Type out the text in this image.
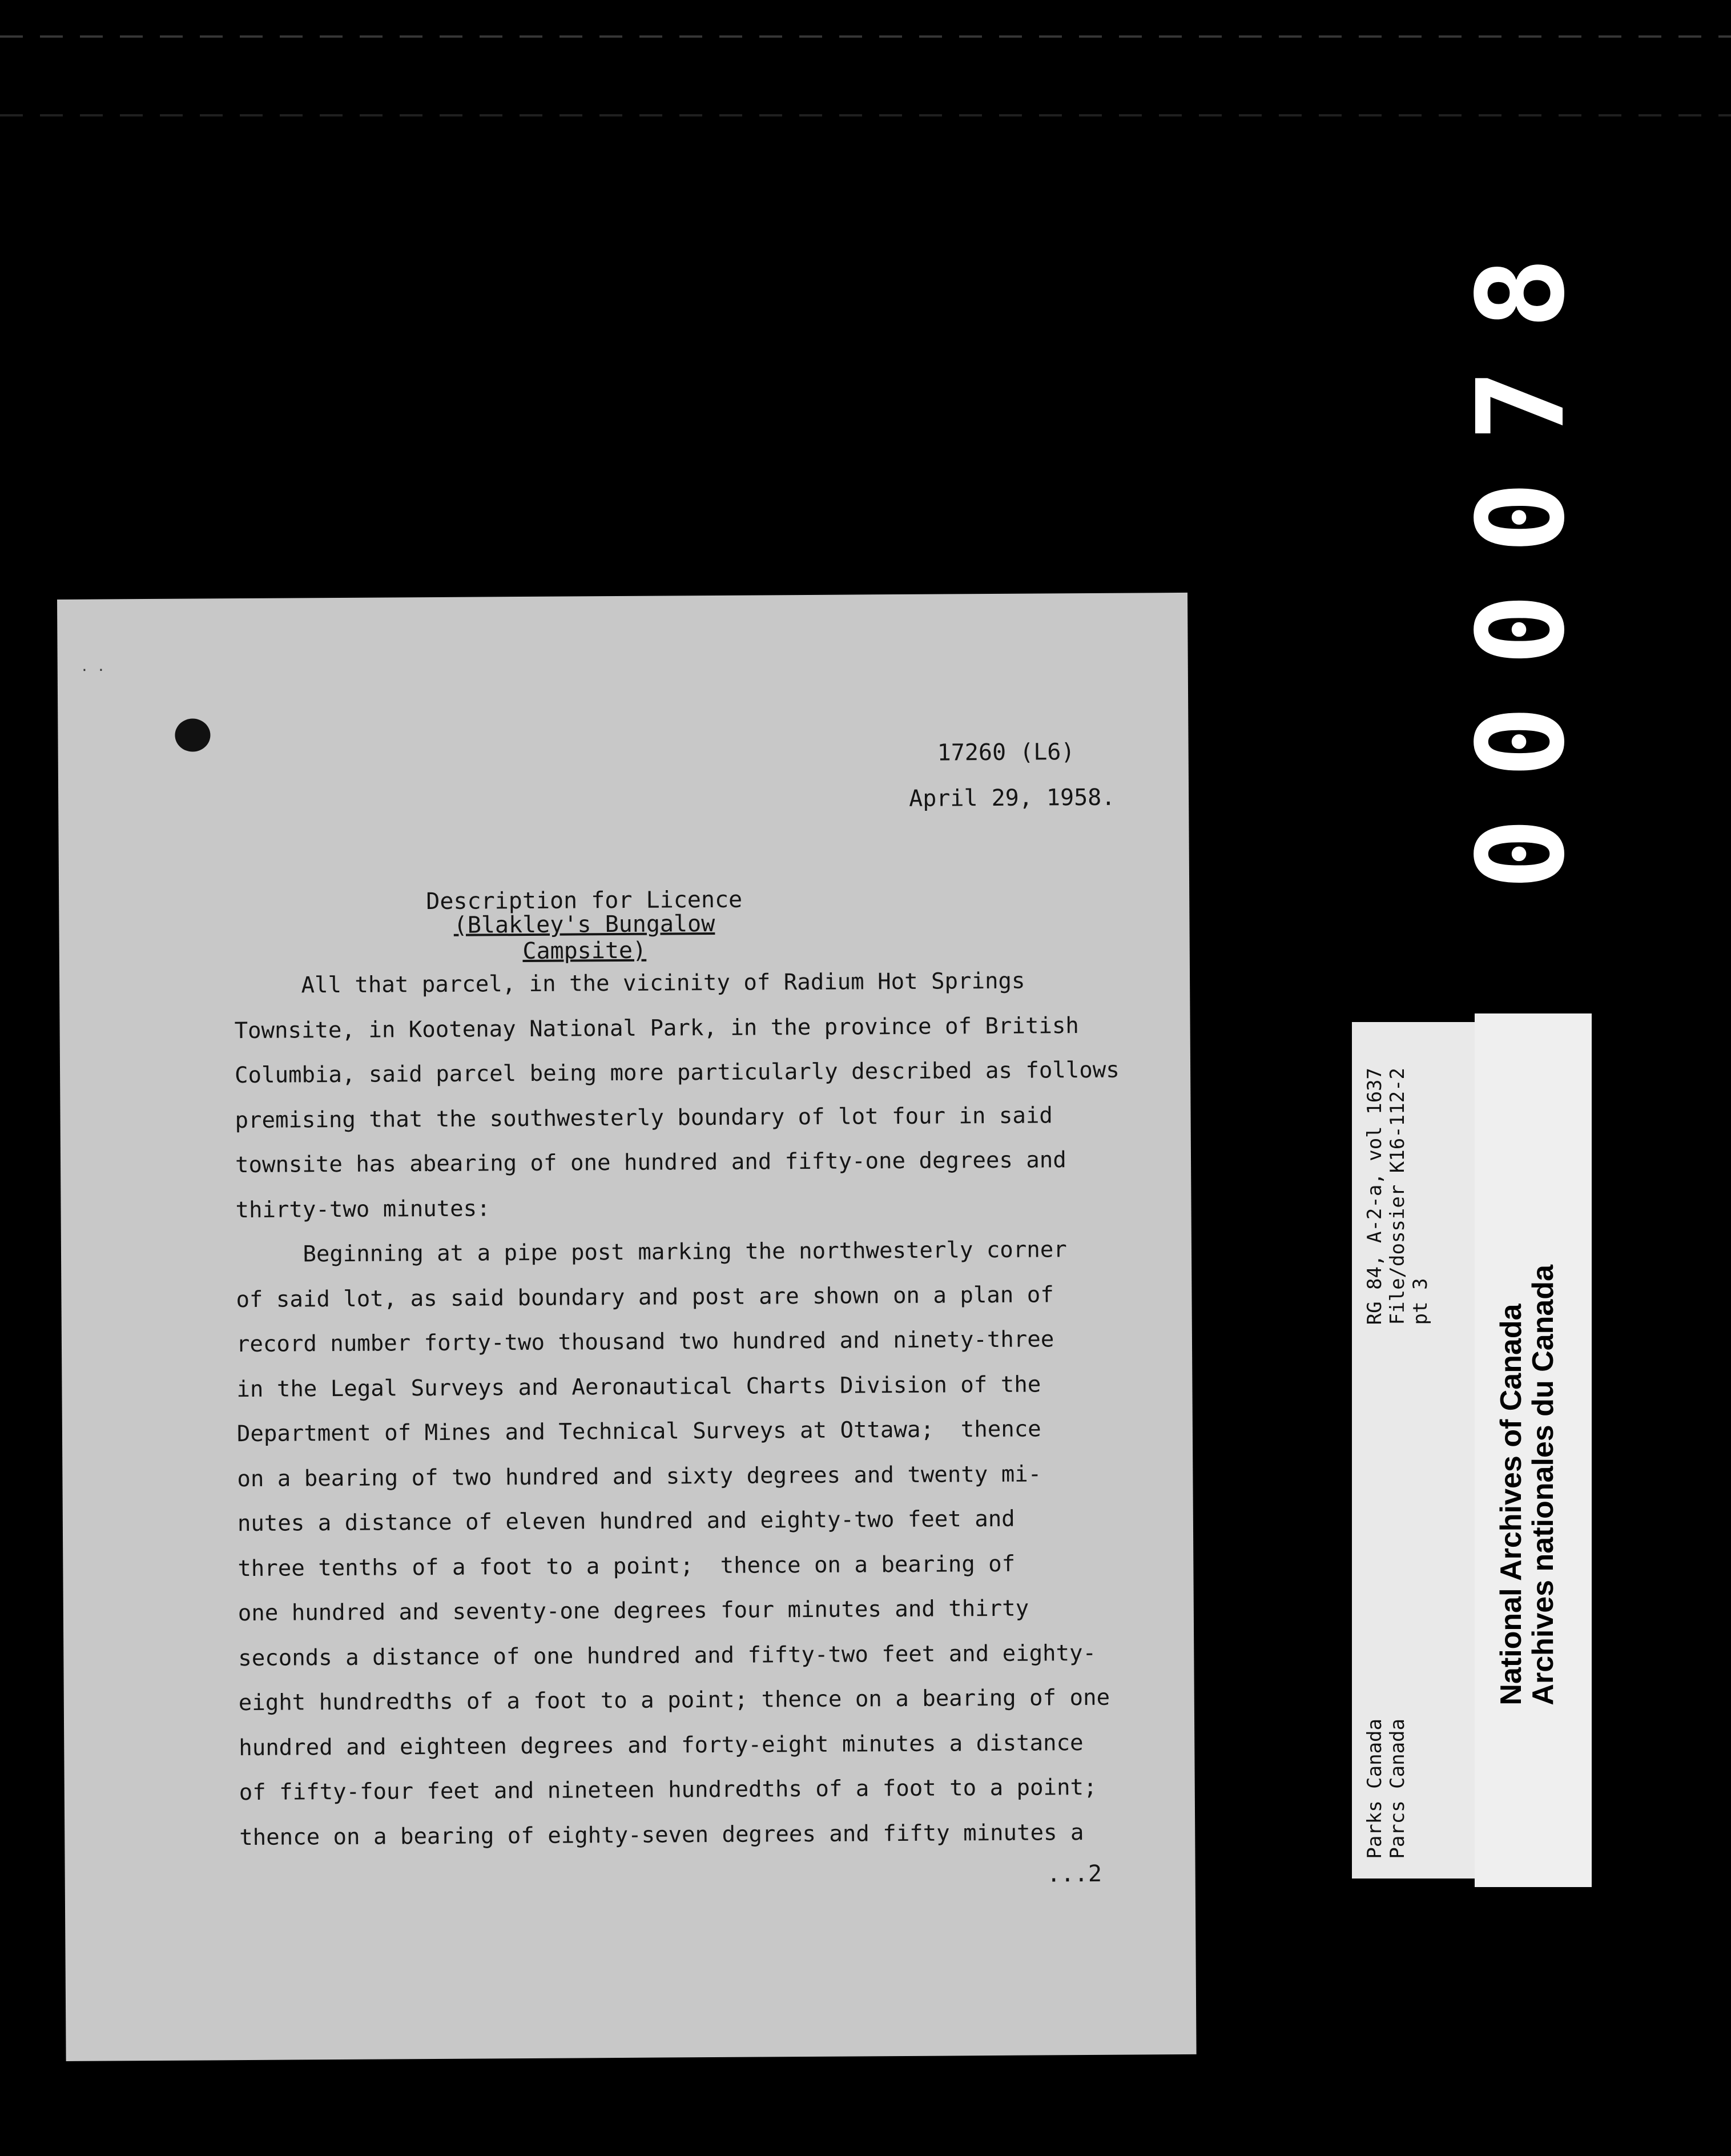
000078
· ·
17260 (L6)
April 29, 1958.
Description for Licence
(Blakley's Bungalow Campsite)
All that parcel, in the vicinity of Radium Hot Springs
Townsite, in Kootenay National Park, in the province of British
Columbia, said parcel being more particularly described as follows
premising that the southwesterly boundary of lot four in said
townsite has abearing of one hundred and fifty-one degrees and
thirty-two minutes:
Beginning at a pipe post marking the northwesterly corner
of said lot, as said boundary and post are shown on a plan of
record number forty-two thousand two hundred and ninety-three
in the Legal Surveys and Aeronautical Charts Division of the
Department of Mines and Technical Surveys at Ottawa;  thence
on a bearing of two hundred and sixty degrees and twenty mi-
nutes a distance of eleven hundred and eighty-two feet and
three tenths of a foot to a point;  thence on a bearing of
one hundred and seventy-one degrees four minutes and thirty
seconds a distance of one hundred and fifty-two feet and eighty-
eight hundredths of a foot to a point; thence on a bearing of one
hundred and eighteen degrees and forty-eight minutes a distance
of fifty-four feet and nineteen hundredths of a foot to a point;
thence on a bearing of eighty-seven degrees and fifty minutes a
...2
RG 84, A-2-a, vol 1637 File/dossier K16-112-2 pt 3
Parks Canada Parcs Canada
National Archives of Canada
Archives nationales du Canada
